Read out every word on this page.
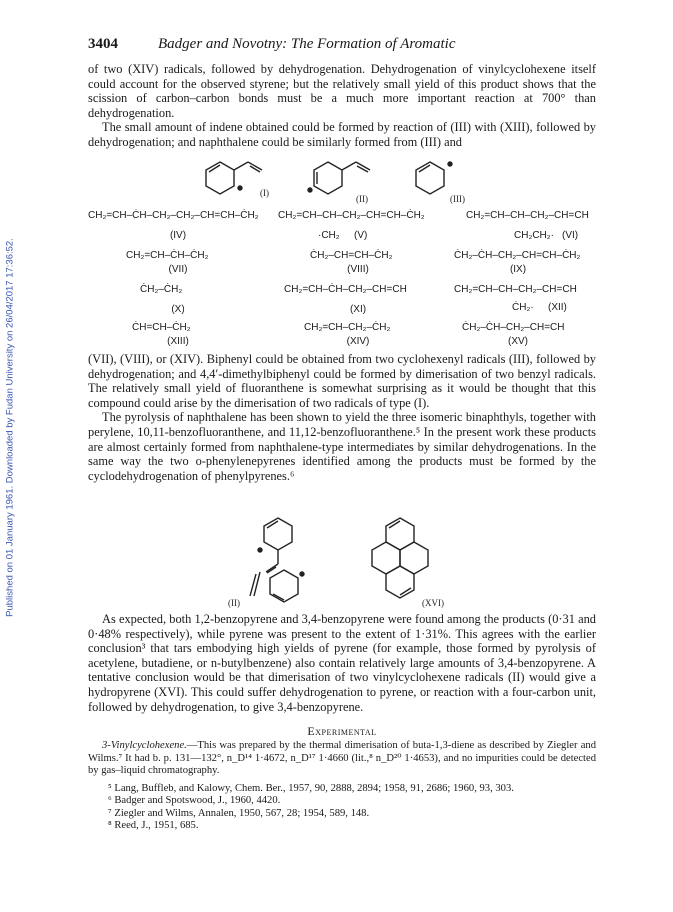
Published on 01 January 1961. Downloaded by Fudan University on 26/04/2017 17:36:52.
3404	Badger and Novotny: The Formation of Aromatic

of two (XIV) radicals, followed by dehydrogenation. Dehydrogenation of vinylcyclohexene itself could account for the observed styrene; but the relatively small yield of this product shows that the scission of carbon–carbon bonds must be a much more important reaction at 700° than dehydrogenation.

The small amount of indene obtained could be formed by reaction of (III) with (XIII), followed by dehydrogenation; and naphthalene could be similarly formed from (III) and

(I)
(II)	(III)
CH₂=CH–ĊH–CH₂–CH₂–CH=CH–ĊH₂
(IV)
CH₂=CH–CH–CH₂–CH=CH–ĊH₂
·CH₂ (V)
CH₂=CH–CH–CH₂–CH=CH
CH₂CH₂· (VI)
CH₂=CH–ĊH–ĊH₂
(VII)
ĊH₂–CH=CH–ĊH₂
(VIII)
ĊH₂–ĊH–CH₂–CH=CH–ĊH₂
(IX)
ĊH₂–ĊH₂
(X)
CH₂=CH–ĊH–CH₂–CH=CH
(XI)
CH₂=CH–CH–CH₂–CH=CH
ĊH₂· (XII)
ĊH=CH–ĊH₂
(XIII)
CH₂=CH–CH₂–ĊH₂
(XIV)
ĊH₂–ĊH–CH₂–CH=CH
(XV)

(VII), (VIII), or (XIV). Biphenyl could be obtained from two cyclohexenyl radicals (III), followed by dehydrogenation; and 4,4′-dimethylbiphenyl could be formed by dimerisation of two benzyl radicals. The relatively small yield of fluoranthene is somewhat surprising as it would be thought that this compound could arise by the dimerisation of two radicals of type (I).

The pyrolysis of naphthalene has been shown to yield the three isomeric binaphthyls, together with perylene, 10,11-benzofluoranthene, and 11,12-benzofluoranthene.⁵ In the present work these products are almost certainly formed from naphthalene-type intermediates by similar dehydrogenations. In the same way the two o-phenylenepyrenes identified among the products must be formed by the cyclodehydrogenation of phenylpyrenes.⁶

(II)	(XVI)

As expected, both 1,2-benzopyrene and 3,4-benzopyrene were found among the products (0·31 and 0·48% respectively), while pyrene was present to the extent of 1·31%. This agrees with the earlier conclusion³ that tars embodying high yields of pyrene (for example, those formed by pyrolysis of acetylene, butadiene, or n-butylbenzene) also contain relatively large amounts of 3,4-benzopyrene. A tentative conclusion would be that dimerisation of two vinylcyclohexene radicals (II) would give a hydropyrene (XVI). This could suffer dehydrogenation to pyrene, or reaction with a four-carbon unit, followed by dehydrogenation, to give 3,4-benzopyrene.

Experimental

3-Vinylcyclohexene.—This was prepared by the thermal dimerisation of buta-1,3-diene as described by Ziegler and Wilms.⁷ It had b. p. 131—132°, n_D¹⁴ 1·4672, n_D¹⁷ 1·4660 (lit.,⁸ n_D²⁰ 1·4653), and no impurities could be detected by gas–liquid chromatography.

⁵ Lang, Buffleb, and Kalowy, Chem. Ber., 1957, 90, 2888, 2894; 1958, 91, 2686; 1960, 93, 303.
⁶ Badger and Spotswood, J., 1960, 4420.
⁷ Ziegler and Wilms, Annalen, 1950, 567, 28; 1954, 589, 148.
⁸ Reed, J., 1951, 685.
